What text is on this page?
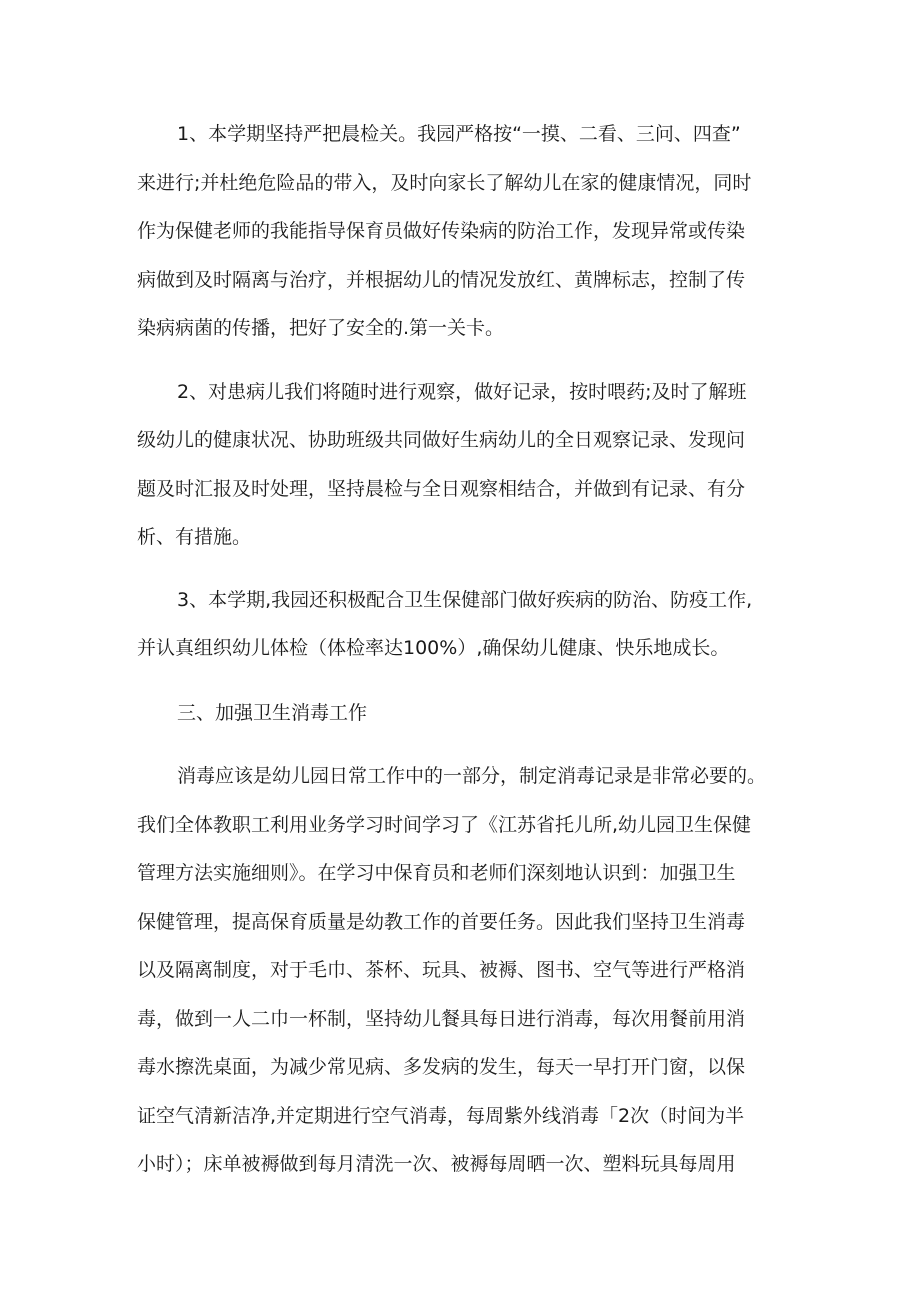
1、本学期坚持严把晨检关。我园严格按“一摸、二看、三问、四查”

来进行;并杜绝危险品的带入，及时向家长了解幼儿在家的健康情况，同时

作为保健老师的我能指导保育员做好传染病的防治工作，发现异常或传染

病做到及时隔离与治疗，并根据幼儿的情况发放红、黄牌标志，控制了传

染病病菌的传播，把好了安全的.第一关卡。

2、对患病儿我们将随时进行观察，做好记录，按时喂药;及时了解班

级幼儿的健康状况、协助班级共同做好生病幼儿的全日观察记录、发现问

题及时汇报及时处理，坚持晨检与全日观察相结合，并做到有记录、有分

析、有措施。

3、本学期,我园还积极配合卫生保健部门做好疾病的防治、防疫工作,

并认真组织幼儿体检（体检率达100%）,确保幼儿健康、快乐地成长。

三、加强卫生消毒工作

消毒应该是幼儿园日常工作中的一部分，制定消毒记录是非常必要的。

我们全体教职工利用业务学习时间学习了《江苏省托儿所,幼儿园卫生保健

管理方法实施细则》。在学习中保育员和老师们深刻地认识到：加强卫生

保健管理，提高保育质量是幼教工作的首要任务。因此我们坚持卫生消毒

以及隔离制度，对于毛巾、茶杯、玩具、被褥、图书、空气等进行严格消

毒，做到一人二巾一杯制，坚持幼儿餐具每日进行消毒，每次用餐前用消

毒水擦洗桌面，为减少常见病、多发病的发生，每天一早打开门窗，以保

证空气清新洁净,并定期进行空气消毒，每周紫外线消毒「2次（时间为半

小时）；床单被褥做到每月清洗一次、被褥每周晒一次、塑料玩具每周用
